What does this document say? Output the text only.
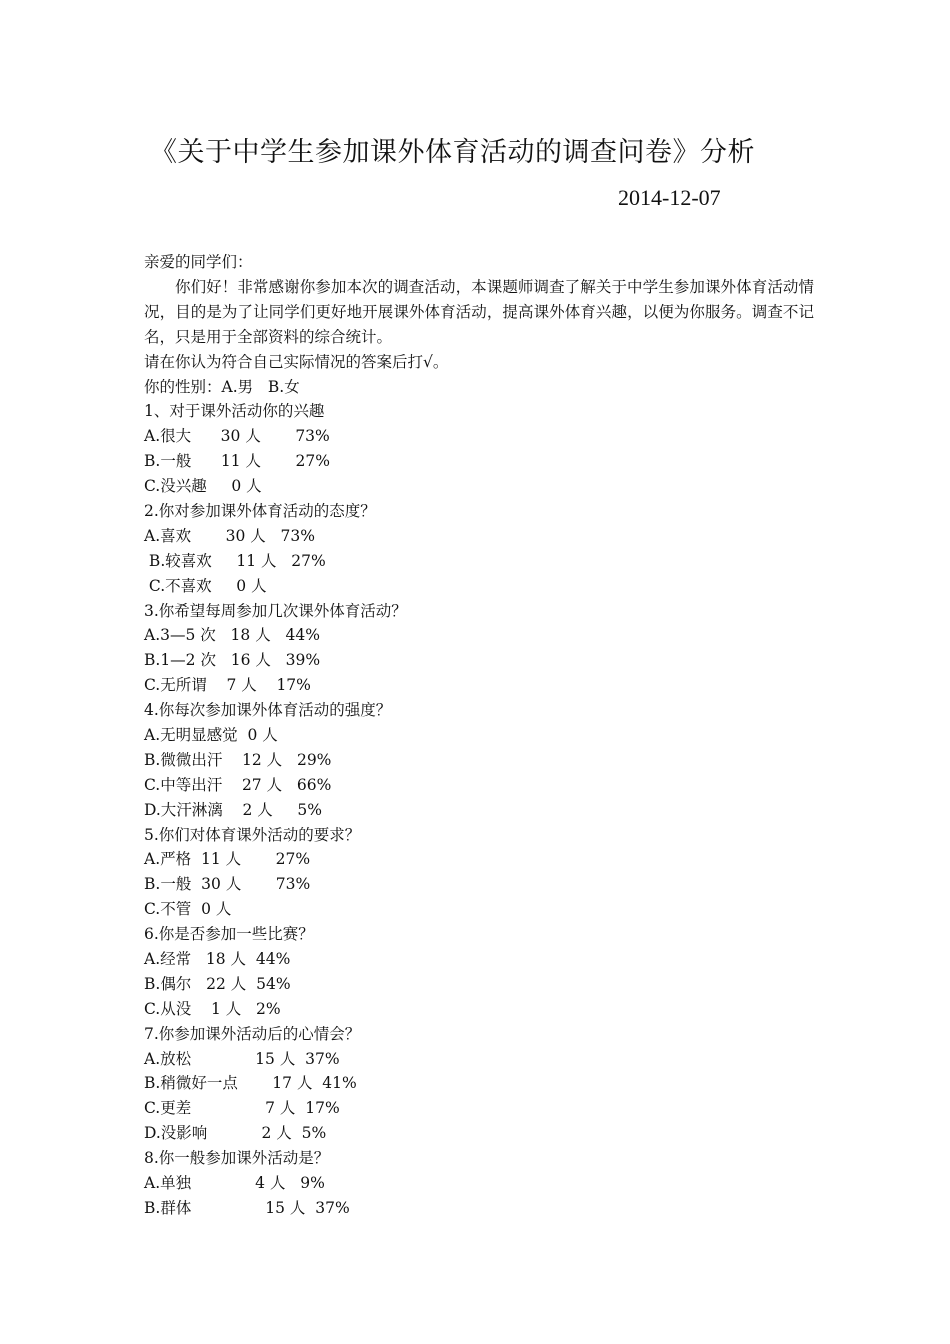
《关于中学生参加课外体育活动的调查问卷》分析
2014-12-07
亲爱的同学们：
你们好！非常感谢你参加本次的调查活动，本课题师调查了解关于中学生参加课外体育活动情况，目的是为了让同学们更好地开展课外体育活动，提高课外体育兴趣，以便为你服务。调查不记名，只是用于全部资料的综合统计。
请在你认为符合自己实际情况的答案后打√。
你的性别：A.男   B.女
1、对于课外活动你的兴趣
A.很大      30 人       73%
B.一般      11 人       27%
C.没兴趣     0 人
2.你对参加课外体育活动的态度？
A.喜欢       30 人   73%
B.较喜欢     11 人   27%
C.不喜欢     0 人
3.你希望每周参加几次课外体育活动？
A.3—5 次   18 人   44%
B.1—2 次   16 人   39%
C.无所谓    7 人    17%
4.你每次参加课外体育活动的强度？
A.无明显感觉  0 人
B.微微出汗    12 人   29%
C.中等出汗    27 人   66%
D.大汗淋漓    2 人     5%
5.你们对体育课外活动的要求？
A.严格  11 人       27%
B.一般  30 人       73%
C.不管  0 人
6.你是否参加一些比赛？
A.经常   18 人  44%
B.偶尔   22 人  54%
C.从没    1 人   2%
7.你参加课外活动后的心情会？
A.放松             15 人  37%
B.稍微好一点       17 人  41%
C.更差               7 人  17%
D.没影响           2 人  5%
8.你一般参加课外活动是？
A.单独             4 人   9%
B.群体               15 人  37%
